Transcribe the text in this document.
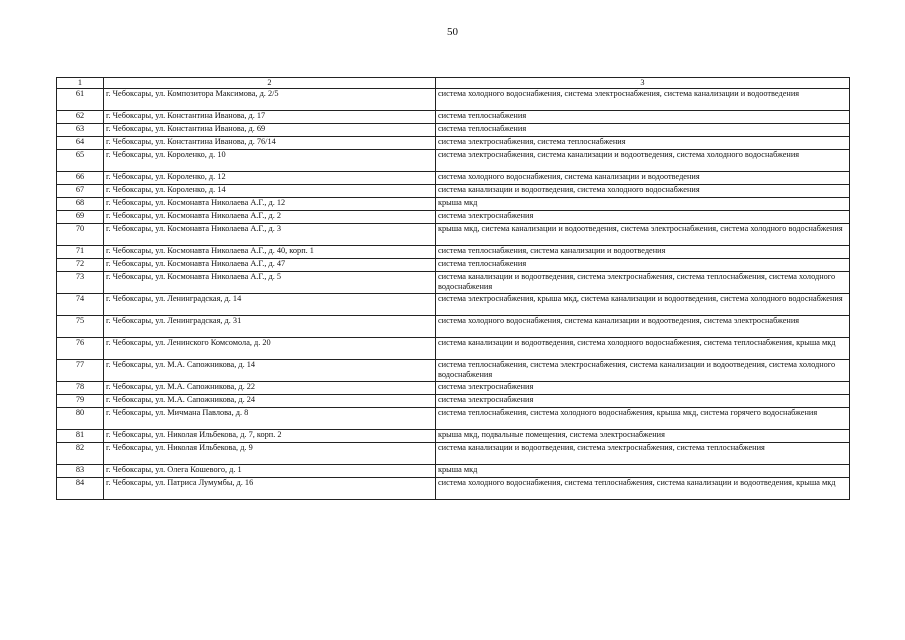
50
1	2	3
61	г. Чебоксары, ул. Композитора Максимова, д. 2/5	система холодного водоснабжения, система электроснабжения, система канализации и водоотведения
62	г. Чебоксары, ул. Константина Иванова, д. 17	система теплоснабжения
63	г. Чебоксары, ул. Константина Иванова, д. 69	система теплоснабжения
64	г. Чебоксары, ул. Константина Иванова, д. 76/14	система электроснабжения, система теплоснабжения
65	г. Чебоксары, ул. Короленко, д. 10	система электроснабжения, система канализации и водоотведения, система холодного водоснабжения
66	г. Чебоксары, ул. Короленко, д. 12	система холодного водоснабжения, система канализации и водоотведения
67	г. Чебоксары, ул. Короленко, д. 14	система канализации и водоотведения, система холодного водоснабжения
68	г. Чебоксары, ул. Космонавта Николаева А.Г., д. 12	крыша мкд
69	г. Чебоксары, ул. Космонавта Николаева А.Г., д. 2	система электроснабжения
70	г. Чебоксары, ул. Космонавта Николаева А.Г., д. 3	крыша мкд, система канализации и водоотведения, система электроснабжения, система холодного водоснабжения
71	г. Чебоксары, ул. Космонавта Николаева А.Г., д. 40, корп. 1	система теплоснабжения, система канализации и водоотведения
72	г. Чебоксары, ул. Космонавта Николаева А.Г., д. 47	система теплоснабжения
73	г. Чебоксары, ул. Космонавта Николаева А.Г., д. 5	система канализации и водоотведения, система электроснабжения, система теплоснабжения, система холодного водоснабжения
74	г. Чебоксары, ул. Ленинградская, д. 14	система электроснабжения, крыша мкд, система канализации и водоотведения, система холодного водоснабжения
75	г. Чебоксары, ул. Ленинградская, д. 31	система холодного водоснабжения, система канализации и водоотведения, система электроснабжения
76	г. Чебоксары, ул. Ленинского Комсомола, д. 20	система канализации и водоотведения, система холодного водоснабжения, система теплоснабжения, крыша мкд
77	г. Чебоксары, ул. М.А. Сапожникова, д. 14	система теплоснабжения, система электроснабжения, система канализации и водоотведения, система холодного водоснабжения
78	г. Чебоксары, ул. М.А. Сапожникова, д. 22	система электроснабжения
79	г. Чебоксары, ул. М.А. Сапожникова, д. 24	система электроснабжения
80	г. Чебоксары, ул. Мичмана Павлова, д. 8	система теплоснабжения, система холодного водоснабжения, крыша мкд, система горячего водоснабжения
81	г. Чебоксары, ул. Николая Ильбекова, д. 7, корп. 2	крыша мкд, подвальные помещения, система электроснабжения
82	г. Чебоксары, ул. Николая Ильбекова, д. 9	система канализации и водоотведения, система электроснабжения, система теплоснабжения
83	г. Чебоксары, ул. Олега Кошевого, д. 1	крыша мкд
84	г. Чебоксары, ул. Патриса Лумумбы, д. 16	система холодного водоснабжения, система теплоснабжения, система канализации и водоотведения, крыша мкд
